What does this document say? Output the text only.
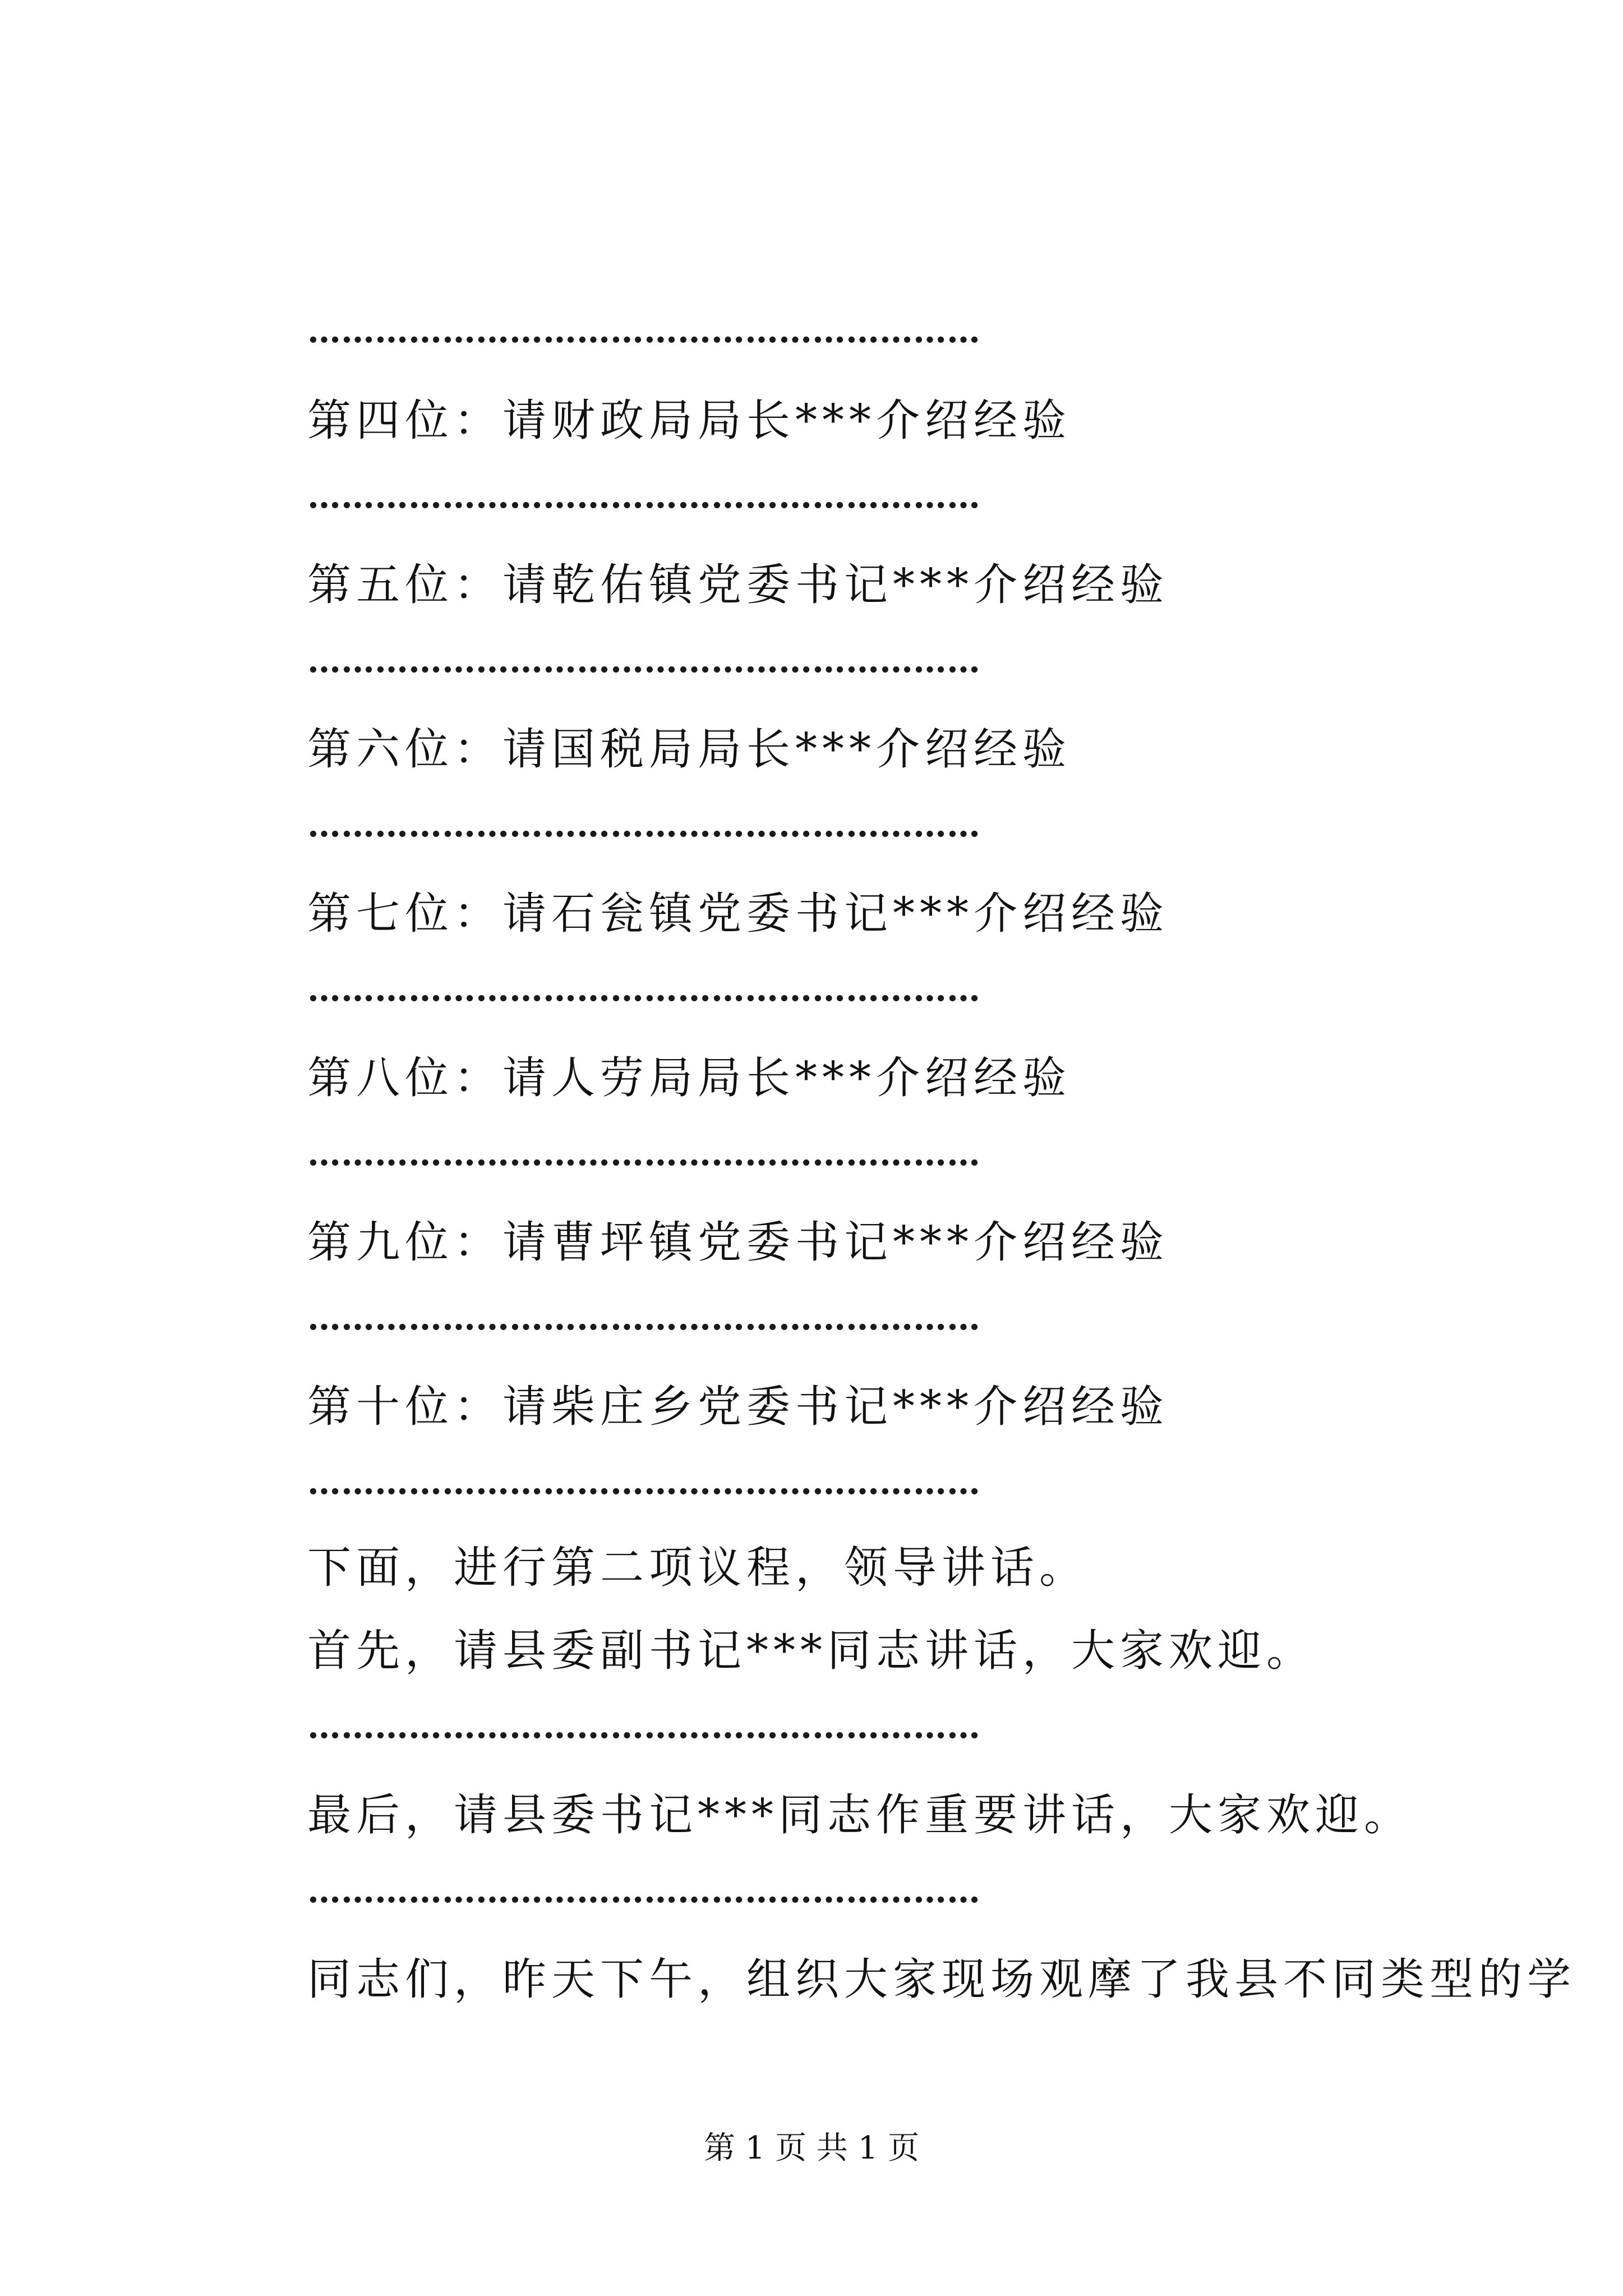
……………………………………………………
第四位：请财政局局长***介绍经验
……………………………………………………
第五位：请乾佑镇党委书记***介绍经验
……………………………………………………
第六位：请国税局局长***介绍经验
……………………………………………………
第七位：请石瓮镇党委书记***介绍经验
……………………………………………………
第八位：请人劳局局长***介绍经验
……………………………………………………
第九位：请曹坪镇党委书记***介绍经验
……………………………………………………
第十位：请柴庄乡党委书记***介绍经验
……………………………………………………
下面，进行第二项议程，领导讲话。
首先，请县委副书记***同志讲话，大家欢迎。
……………………………………………………
最后，请县委书记***同志作重要讲话，大家欢迎。
……………………………………………………
同志们，昨天下午，组织大家现场观摩了我县不同类型的学
第 1 页 共 1 页
